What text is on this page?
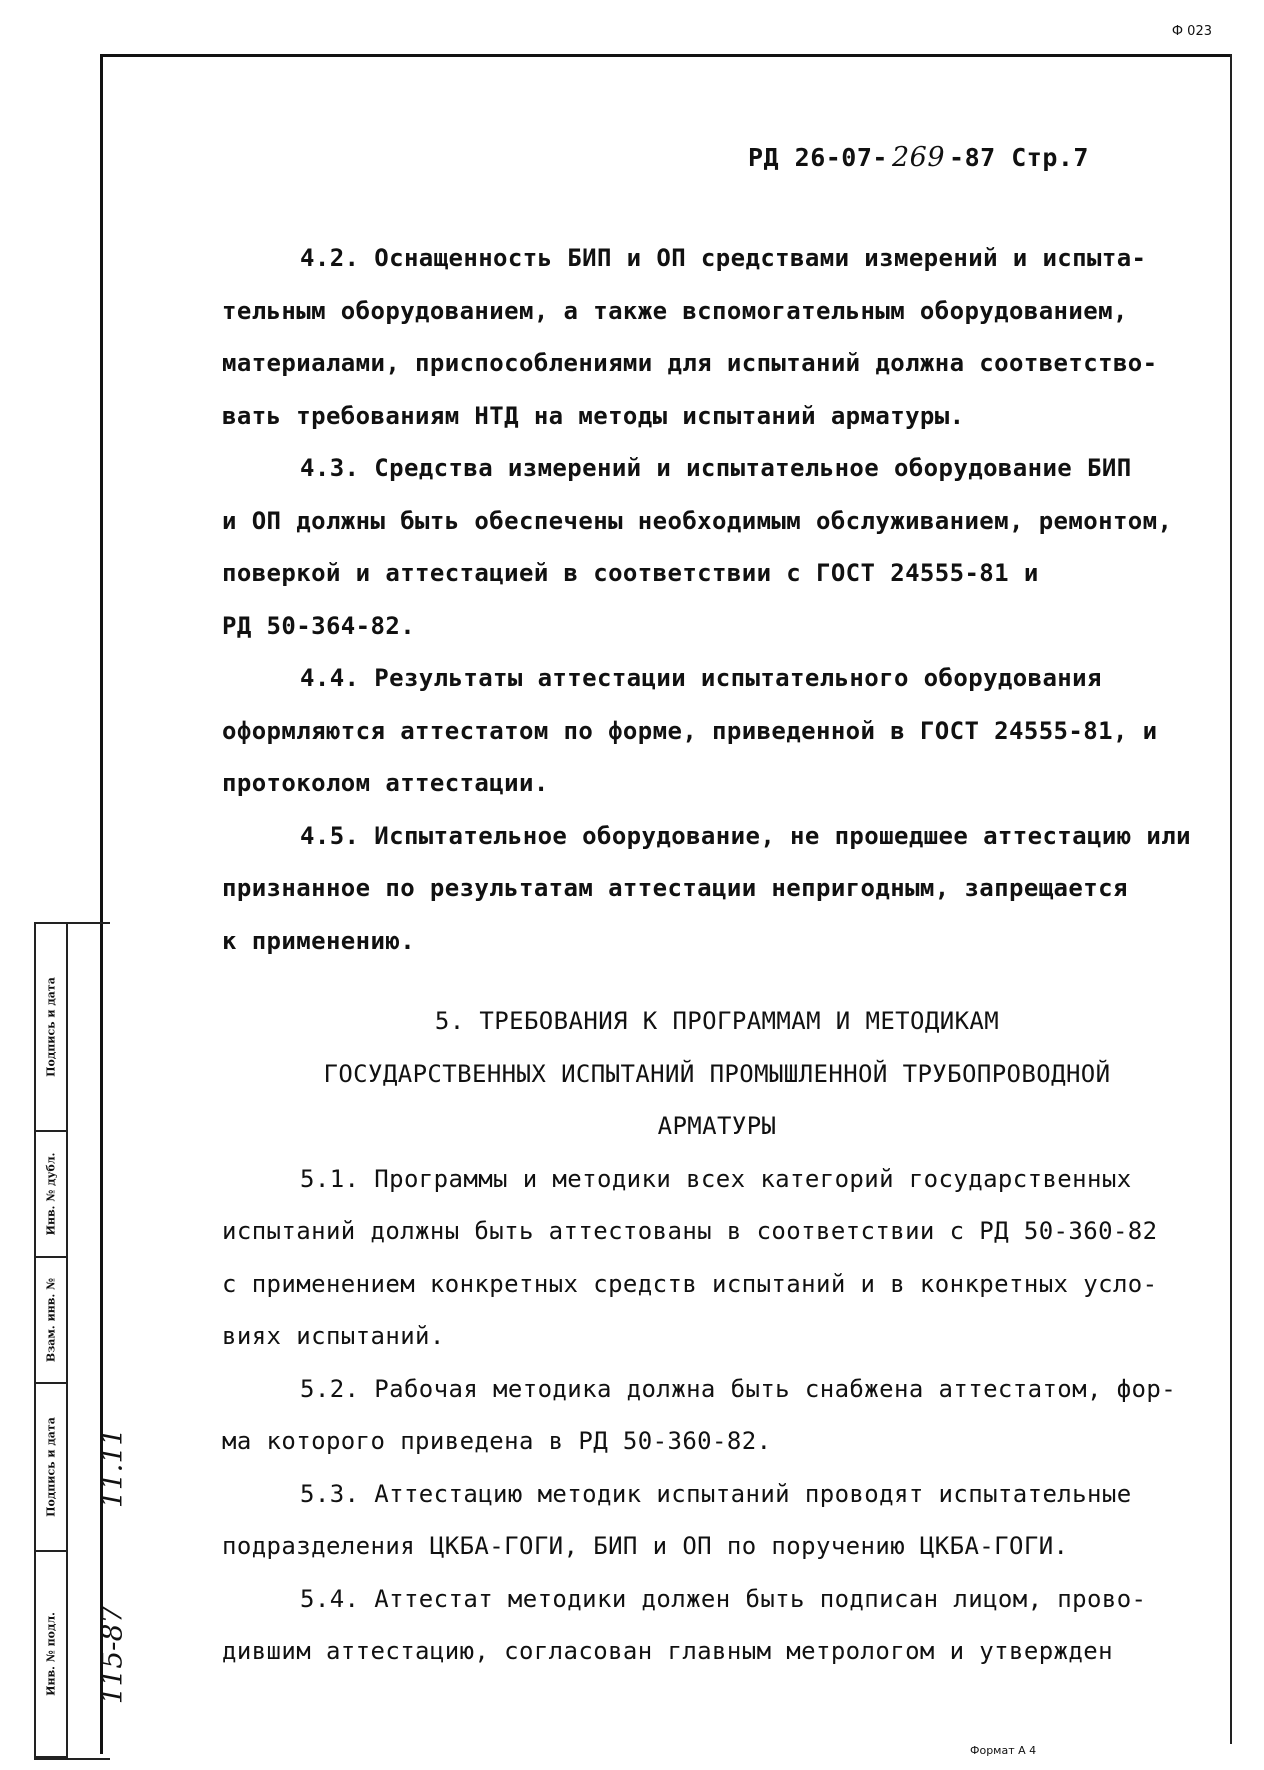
Ф 023
РД 26-07- 269 -87 Стр.7
4.2. Оснащенность БИП и ОП средствами измерений и испыта-
тельным оборудованием, а также вспомогательным оборудованием,
материалами, приспособлениями для испытаний должна соответство-
вать требованиям НТД на методы испытаний арматуры.
4.3. Средства измерений и испытательное оборудование БИП
и ОП должны быть обеспечены необходимым обслуживанием, ремонтом,
поверкой и аттестацией в соответствии с ГОСТ 24555-81 и
РД 50-364-82.
4.4. Результаты аттестации испытательного оборудования
оформляются аттестатом по форме, приведенной в ГОСТ 24555-81, и
протоколом аттестации.
4.5. Испытательное оборудование, не прошедшее аттестацию или
признанное по результатам аттестации непригодным, запрещается
к применению.
5. ТРЕБОВАНИЯ К ПРОГРАММАМ И МЕТОДИКАМ
ГОСУДАРСТВЕННЫХ ИСПЫТАНИЙ ПРОМЫШЛЕННОЙ ТРУБОПРОВОДНОЙ
АРМАТУРЫ
5.1. Программы и методики всех категорий государственных
испытаний должны быть аттестованы в соответствии с РД 50-360-82
с применением конкретных средств испытаний и в конкретных усло-
виях испытаний.
5.2. Рабочая методика должна быть снабжена аттестатом, фор-
ма которого приведена в РД 50-360-82.
5.3. Аттестацию методик испытаний проводят испытательные
подразделения ЦКБА-ГОГИ, БИП и ОП по поручению ЦКБА-ГОГИ.
5.4. Аттестат методики должен быть подписан лицом, прово-
дившим аттестацию, согласован главным метрологом и утвержден
Подпись и дата
Инв. № дубл.
Взам. инв. №
Подпись и дата
Инв. № подл.
11.11
115-87
Формат А 4
